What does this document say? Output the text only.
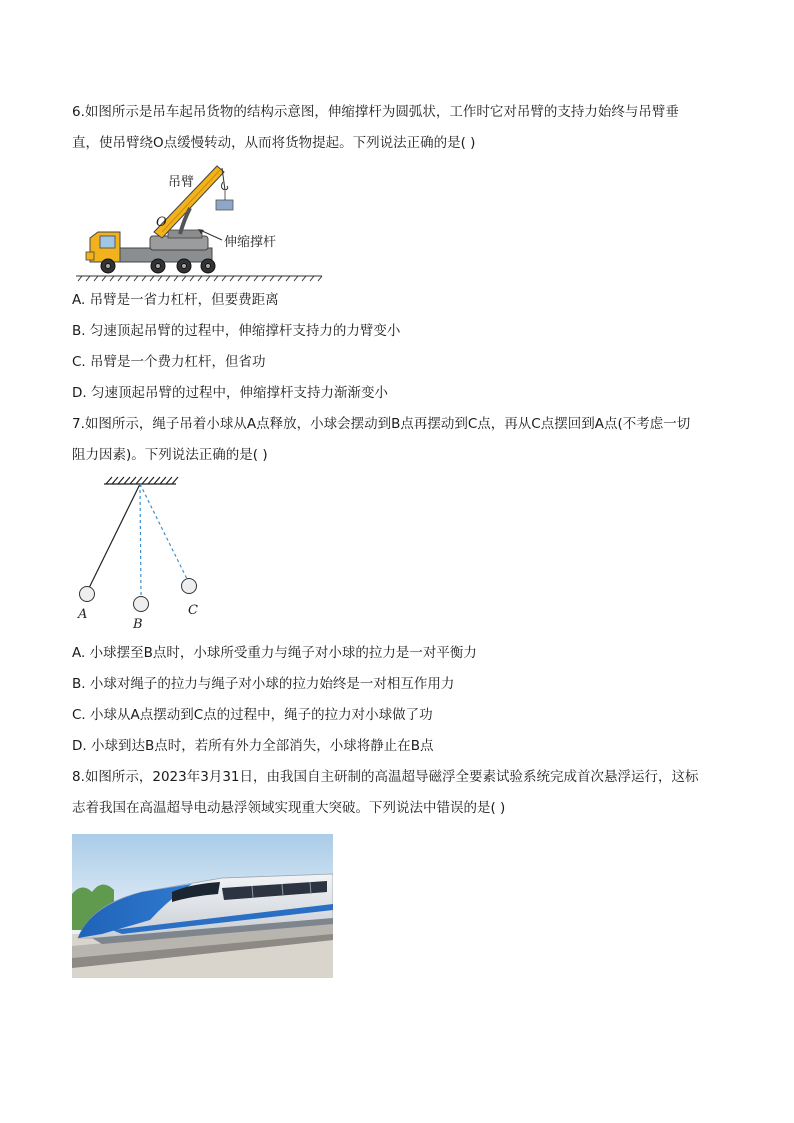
6.如图所示是吊车起吊货物的结构示意图，伸缩撑杆为圆弧状，工作时它对吊臂的支持力始终与吊臂垂
直，使吊臂绕O点缓慢转动，从而将货物提起。下列说法正确的是( )
吊臂
O
伸缩撑杆
A. 吊臂是一省力杠杆，但要费距离
B. 匀速顶起吊臂的过程中，伸缩撑杆支持力的力臂变小
C. 吊臂是一个费力杠杆，但省功
D. 匀速顶起吊臂的过程中，伸缩撑杆支持力渐渐变小
7.如图所示，绳子吊着小球从A点释放，小球会摆动到B点再摆动到C点，再从C点摆回到A点(不考虑一切
阻力因素)。下列说法正确的是( )
A
B
C
A. 小球摆至B点时，小球所受重力与绳子对小球的拉力是一对平衡力
B. 小球对绳子的拉力与绳子对小球的拉力始终是一对相互作用力
C. 小球从A点摆动到C点的过程中，绳子的拉力对小球做了功
D. 小球到达B点时，若所有外力全部消失，小球将静止在B点
8.如图所示，2023年3月31日，由我国自主研制的高温超导磁浮全要素试验系统完成首次悬浮运行，这标
志着我国在高温超导电动悬浮领域实现重大突破。下列说法中错误的是( )
